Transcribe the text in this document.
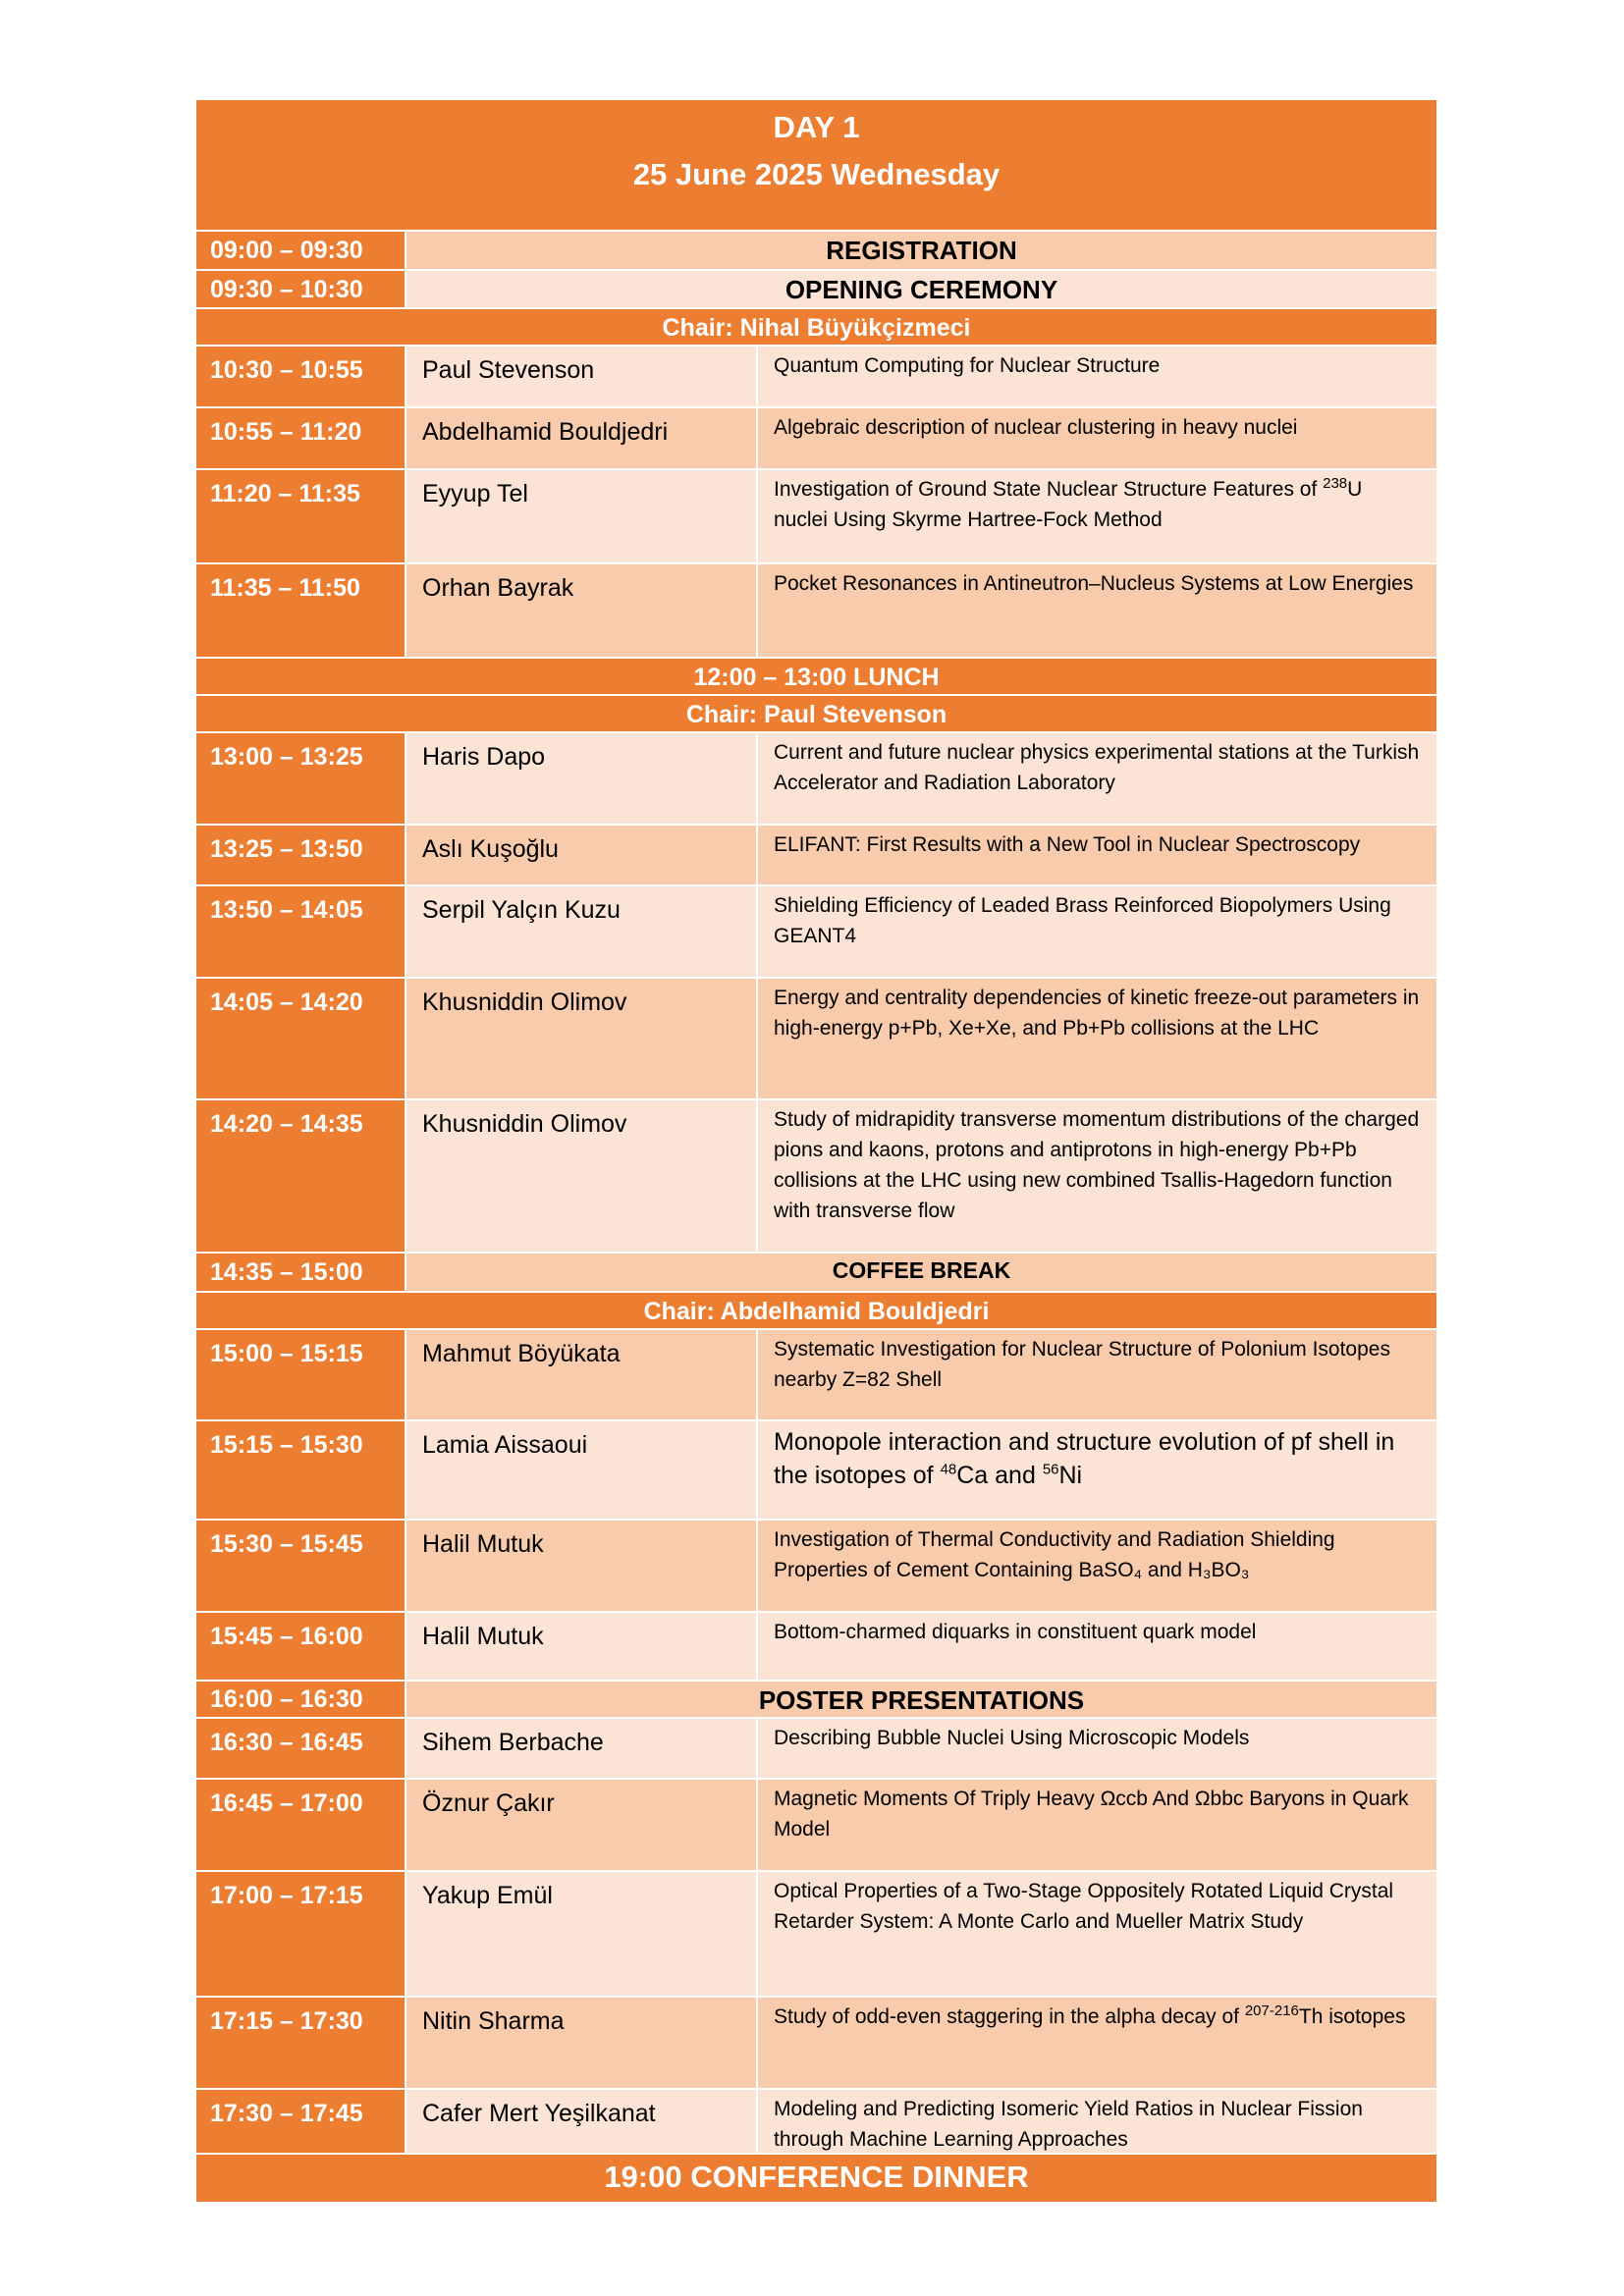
DAY 1
25 June 2025 Wednesday
09:00 – 09:30	REGISTRATION
09:30 – 10:30	OPENING CEREMONY
Chair: Nihal Büyükçizmeci
10:30 – 10:55	Paul Stevenson	Quantum Computing for Nuclear Structure
10:55 – 11:20	Abdelhamid Bouldjedri	Algebraic description of nuclear clustering in heavy nuclei
11:20 – 11:35	Eyyup Tel	Investigation of Ground State Nuclear Structure Features of $^{238}$U nuclei Using Skyrme Hartree-Fock Method
11:35 – 11:50	Orhan Bayrak	Pocket Resonances in Antineutron–Nucleus Systems at Low Energies
12:00 – 13:00 LUNCH
Chair: Paul Stevenson
13:00 – 13:25	Haris Dapo	Current and future nuclear physics experimental stations at the Turkish Accelerator and Radiation Laboratory
13:25 – 13:50	Aslı Kuşoğlu	ELIFANT: First Results with a New Tool in Nuclear Spectroscopy
13:50 – 14:05	Serpil Yalçın Kuzu	Shielding Efficiency of Leaded Brass Reinforced Biopolymers Using GEANT4
14:05 – 14:20	Khusniddin Olimov	Energy and centrality dependencies of kinetic freeze-out parameters in high-energy p+Pb, Xe+Xe, and Pb+Pb collisions at the LHC
14:20 – 14:35	Khusniddin Olimov	Study of midrapidity transverse momentum distributions of the charged pions and kaons, protons and antiprotons in high-energy Pb+Pb collisions at the LHC using new combined Tsallis-Hagedorn function with transverse flow
14:35 – 15:00	COFFEE BREAK
Chair: Abdelhamid Bouldjedri
15:00 – 15:15	Mahmut Böyükata	Systematic Investigation for Nuclear Structure of Polonium Isotopes nearby Z=82 Shell
15:15 – 15:30	Lamia Aissaoui	Monopole interaction and structure evolution of pf shell in the isotopes of $^{48}$Ca and $^{56}$Ni
15:30 – 15:45	Halil Mutuk	Investigation of Thermal Conductivity and Radiation Shielding Properties of Cement Containing BaSO₄ and H₃BO₃
15:45 – 16:00	Halil Mutuk	Bottom-charmed diquarks in constituent quark model
16:00 – 16:30	POSTER PRESENTATIONS
16:30 – 16:45	Sihem Berbache	Describing Bubble Nuclei Using Microscopic Models
16:45 – 17:00	Öznur Çakır	Magnetic Moments Of Triply Heavy Ωccb And Ωbbc Baryons in Quark Model
17:00 – 17:15	Yakup Emül	Optical Properties of a Two-Stage Oppositely Rotated Liquid Crystal Retarder System: A Monte Carlo and Mueller Matrix Study
17:15 – 17:30	Nitin Sharma	Study of odd-even staggering in the alpha decay of $^{207-216}$Th isotopes
17:30 – 17:45	Cafer Mert Yeşilkanat	Modeling and Predicting Isomeric Yield Ratios in Nuclear Fission through Machine Learning Approaches
19:00 CONFERENCE DINNER
